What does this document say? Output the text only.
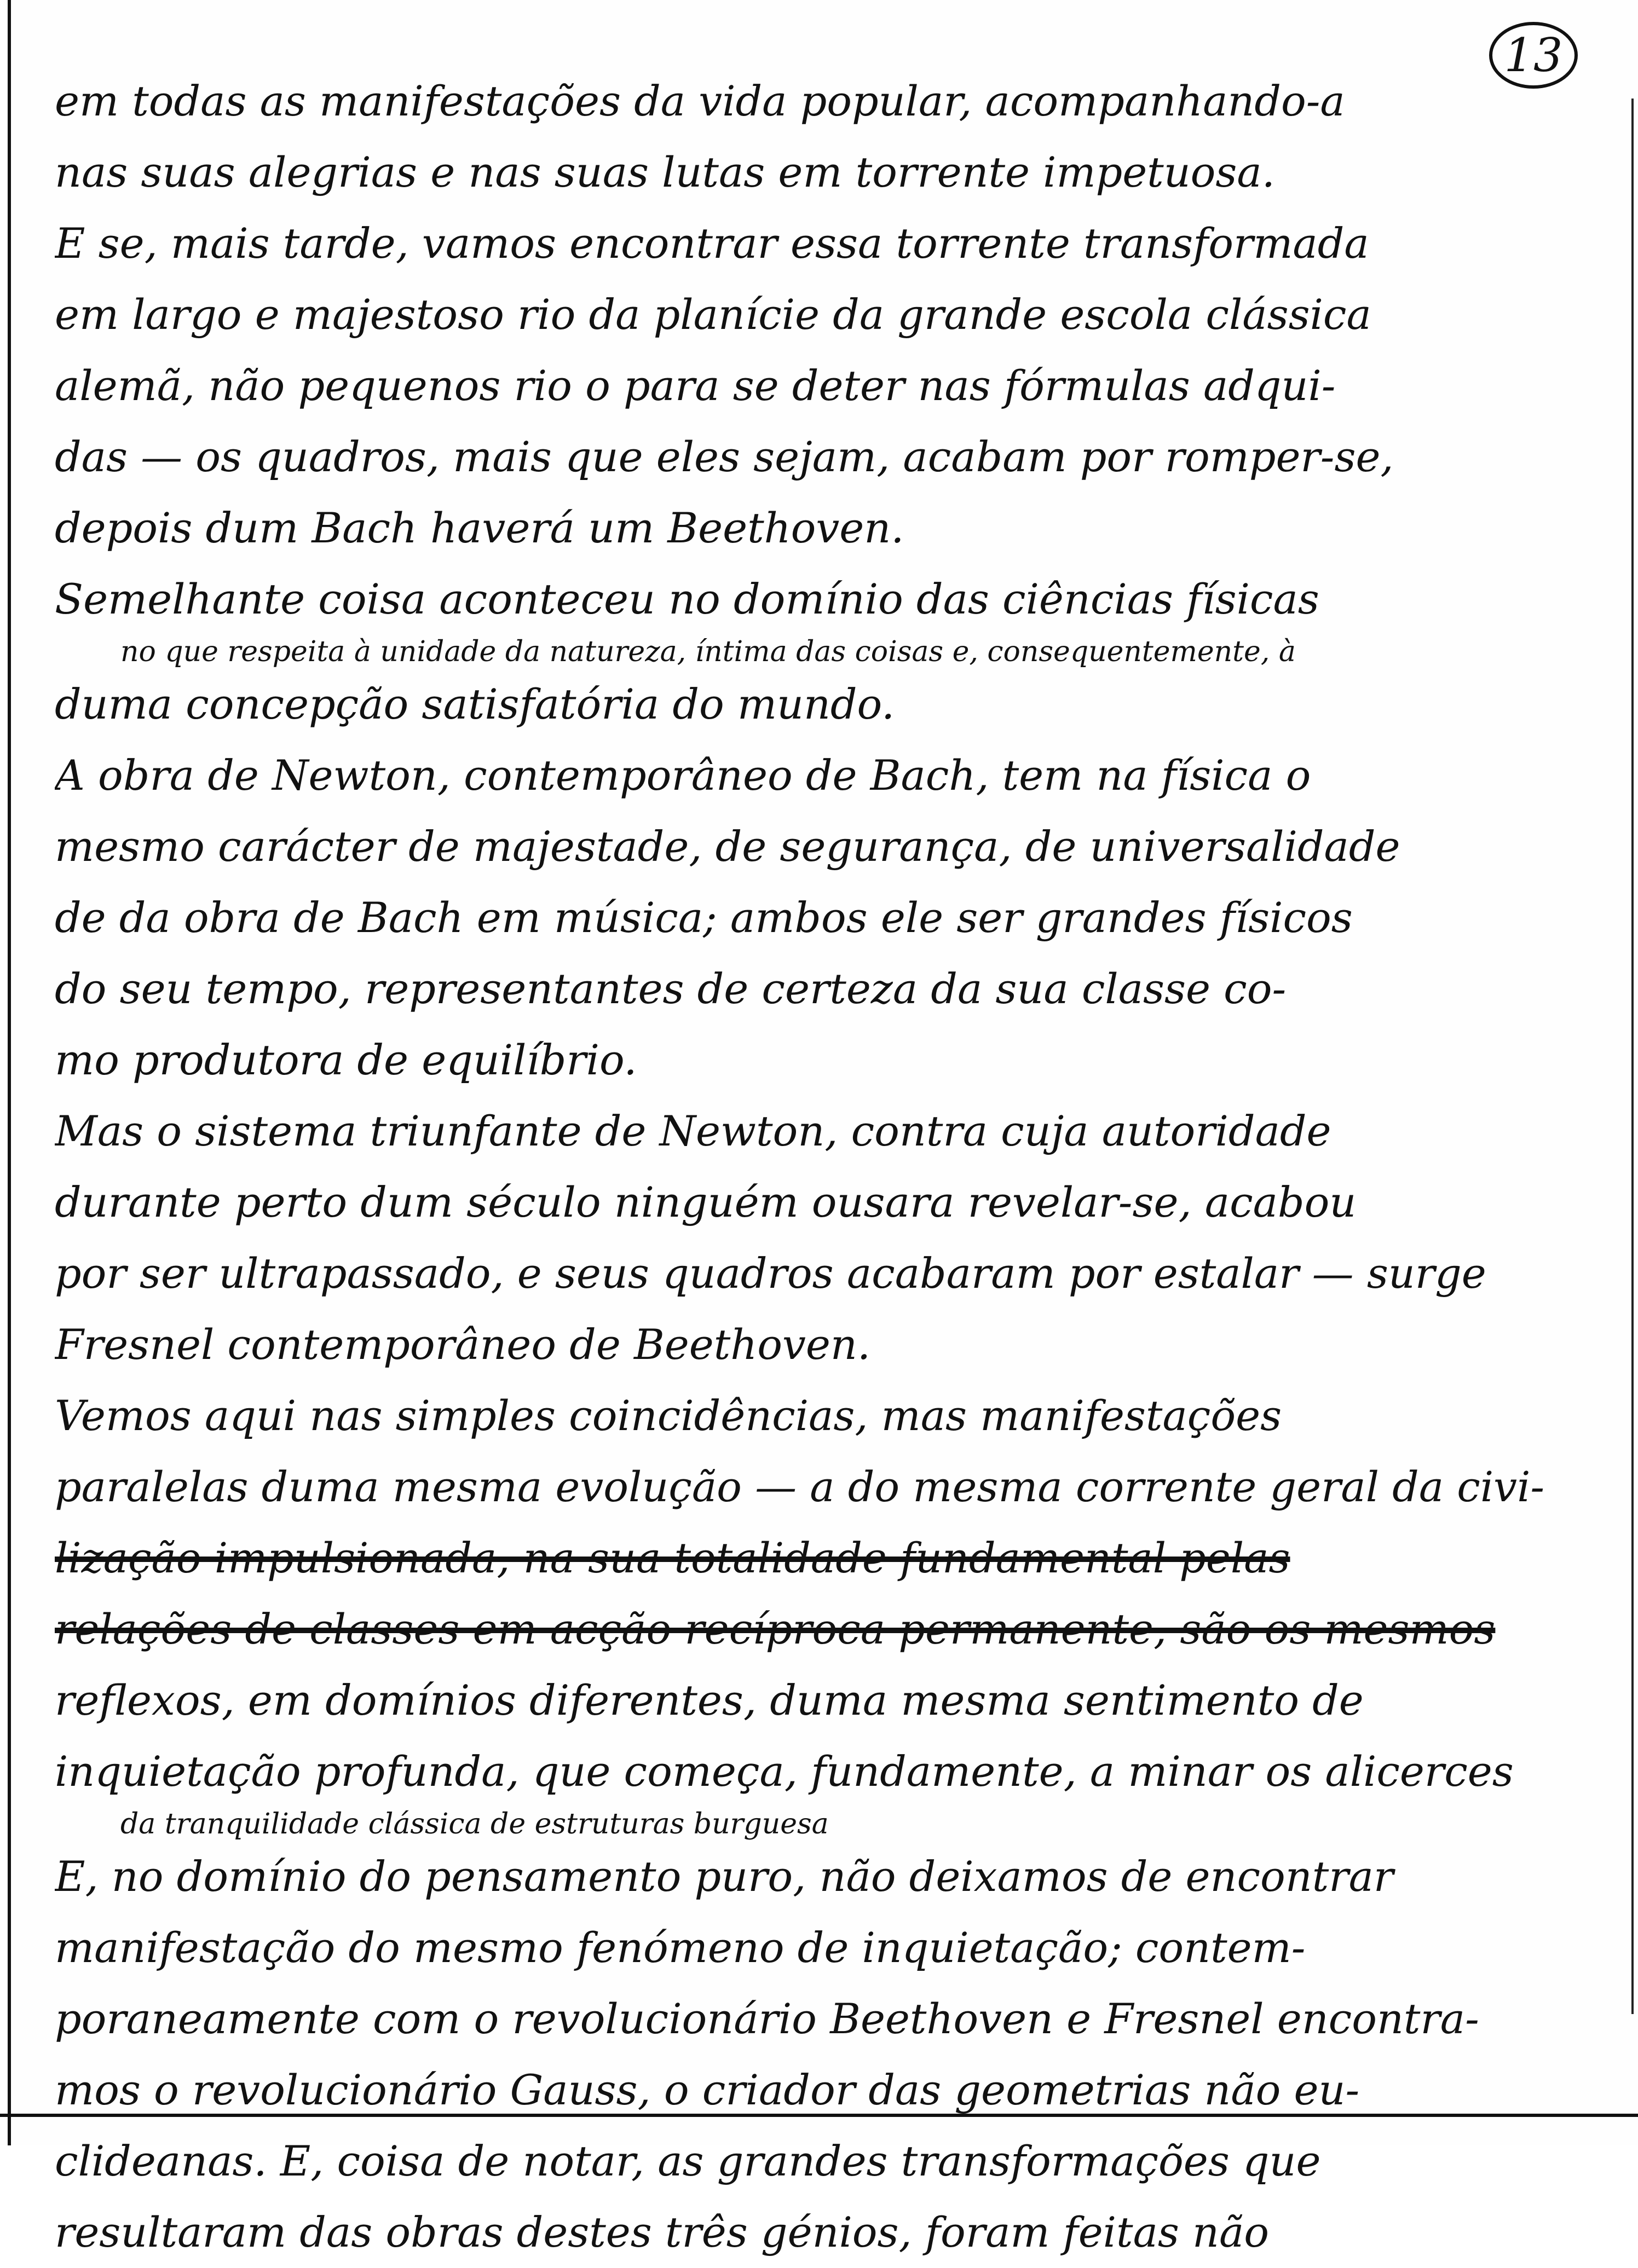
13
em todas as manifestações da vida popular, acompanhando-a
nas suas alegrias e nas suas lutas em torrente impetuosa.
E se, mais tarde, vamos encontrar essa torrente transformada
em largo e majestoso rio da planície da grande escola clássica
alemã, não pequenos rio o para se deter nas fórmulas adqui-
das — os quadros, mais que eles sejam, acabam por romper-se,
depois dum Bach haverá um Beethoven.
Semelhante coisa aconteceu no domínio das ciências físicas
no que respeita à unidade da natureza, íntima das coisas e, consequentemente, à
duma concepção satisfatória do mundo.
A obra de Newton, contemporâneo de Bach, tem na física o
mesmo carácter de majestade, de segurança, de universalidade
de da obra de Bach em música; ambos ele ser grandes físicos
do seu tempo, representantes de certeza da sua classe co-
mo produtora de equilíbrio.
Mas o sistema triunfante de Newton, contra cuja autoridade
durante perto dum século ninguém ousara revelar-se, acabou
por ser ultrapassado, e seus quadros acabaram por estalar — surge
Fresnel contemporâneo de Beethoven.
Vemos aqui nas simples coincidências, mas manifestações
paralelas duma mesma evolução — a do mesma corrente geral da civi-
lização impulsionada, na sua totalidade fundamental pelas
relações de classes em acção recíproca permanente, são os mesmos
reflexos, em domínios diferentes, duma mesma sentimento de
inquietação profunda, que começa, fundamente, a minar os alicerces
da tranquilidade clássica de estruturas burguesa
E, no domínio do pensamento puro, não deixamos de encontrar
manifestação do mesmo fenómeno de inquietação; contem-
poraneamente com o revolucionário Beethoven e Fresnel encontra-
mos o revolucionário Gauss, o criador das geometrias não eu-
clideanas. E, coisa de notar, as grandes transformações que
resultaram das obras destes três génios, foram feitas não
